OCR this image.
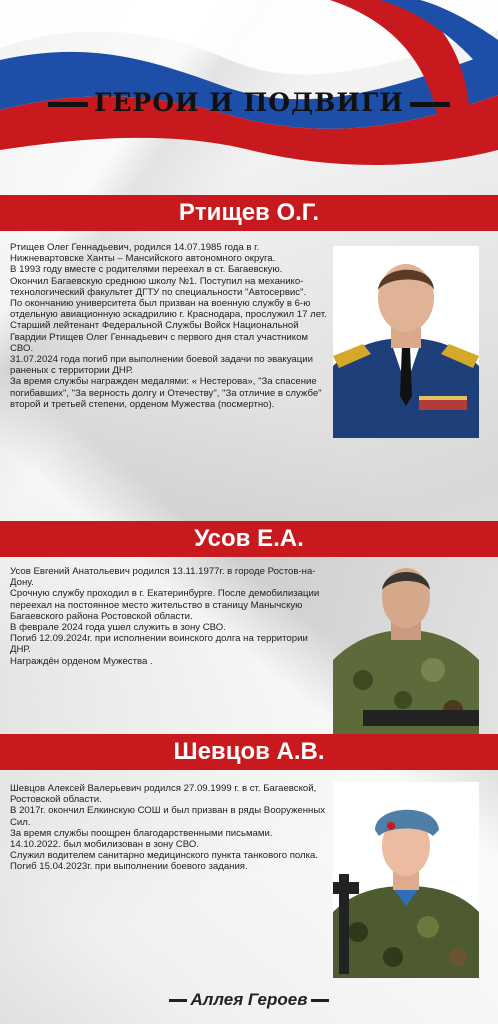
ГЕРОИ И ПОДВИГИ
Ртищев О.Г.

Ртищев Олег Геннадьевич, родился 14.07.1985 года в г. Нижневартовске Ханты – Мансийского автономного округа.

В 1993 году вместе с родителями переехал в ст. Багаевскую.

Окончил Багаевскую среднюю школу №1. Поступил на механико-технологический факультет ДГТУ по специальности "Автосервис".

По окончанию университета был призван на военную службу в 6-ю отдельную авиационную эскадрилию г. Краснодара, прослужил 17 лет.

Старший лейтенант Федеральной Службы Войск Национальной Гвардии Ртищев Олег Геннадьевич с первого дня стал участником СВО.

31.07.2024 года погиб при выполнении боевой задачи по эвакуации раненых с территории ДНР.

За время службы награжден медалями: « Нестерова», "За спасение погибавших", "За верность долгу и Отечеству", "За отличие в службе" второй и третьей степени, орденом Мужества (посмертно).

Усов Е.А.

Усов Евгений Анатольевич родился 13.11.1977г. в городе Ростов-на-Дону.

Срочную службу проходил в г. Екатеринбурге. После демобилизации переехал на постоянное место жительство в станицу Манычскую Багаевского района Ростовской области.

В феврале 2024 года ушел служить в зону СВО.

Погиб 12.09.2024г. при исполнении воинского долга на территории ДНР.

Награждён орденом Мужества .

Шевцов А.В.

Шевцов Алексей Валерьевич родился 27.09.1999 г. в ст. Багаевской, Ростовской области.

В 2017г. окончил Елкинскую СОШ и был призван в ряды Вооруженных Сил.

За время службы поощрен благодарственными письмами.

14.10.2022. был мобилизован в зону СВО.

Служил водителем санитарно медицинского пункта танкового полка.

Погиб 15.04.2023г. при выполнении боевого задания.

Аллея Героев
